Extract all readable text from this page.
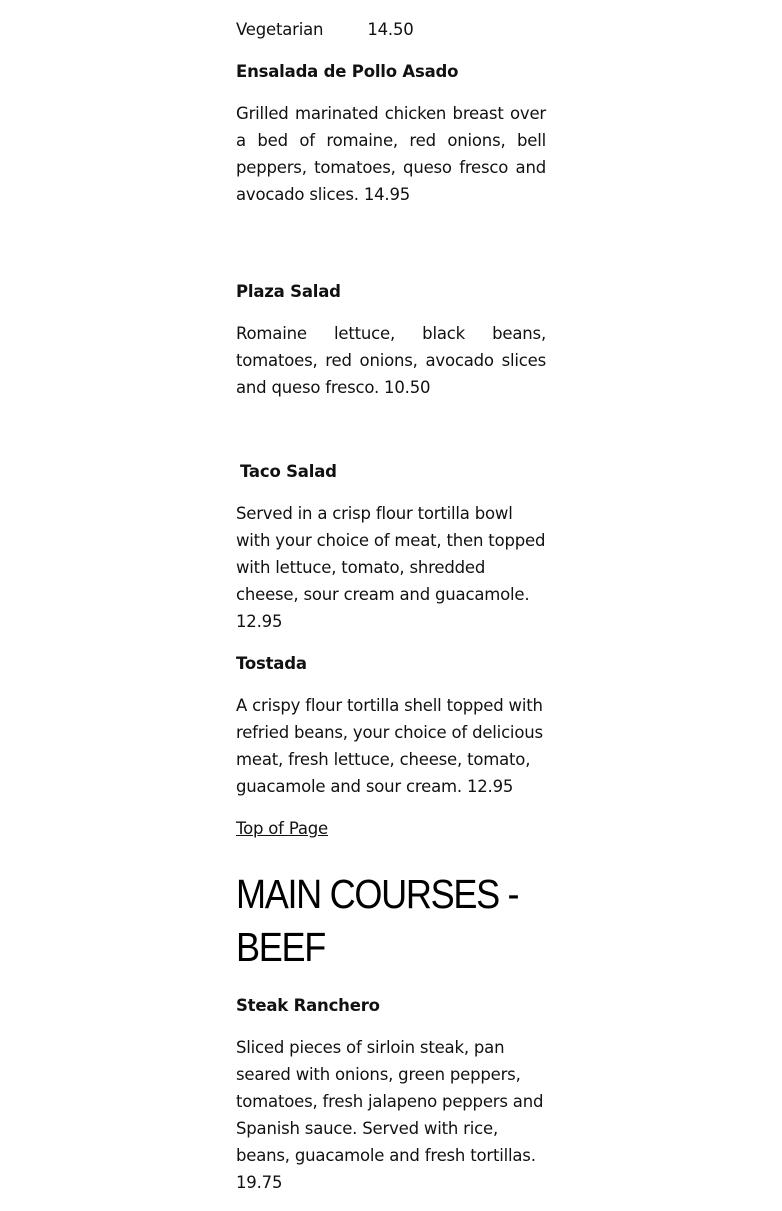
Vegetarian	14.50

Ensalada de Pollo Asado

Grilled marinated chicken breast over a bed of romaine, red onions, bell peppers, tomatoes, queso fresco and avocado slices. 14.95

Plaza Salad

Romaine lettuce, black beans, tomatoes, red onions, avocado slices and queso fresco. 10.50

Taco Salad

Served in a crisp flour tortilla bowl with your choice of meat, then topped with lettuce, tomato, shredded cheese, sour cream and guacamole. 12.95

Tostada

A crispy flour tortilla shell topped with refried beans, your choice of delicious meat, fresh lettuce, cheese, tomato, guacamole and sour cream. 12.95

Top of Page
MAIN COURSES - BEEF

Steak Ranchero

Sliced pieces of sirloin steak, pan seared with onions, green peppers, tomatoes, fresh jalapeno peppers and Spanish sauce. Served with rice, beans, guacamole and fresh tortillas. 19.75
